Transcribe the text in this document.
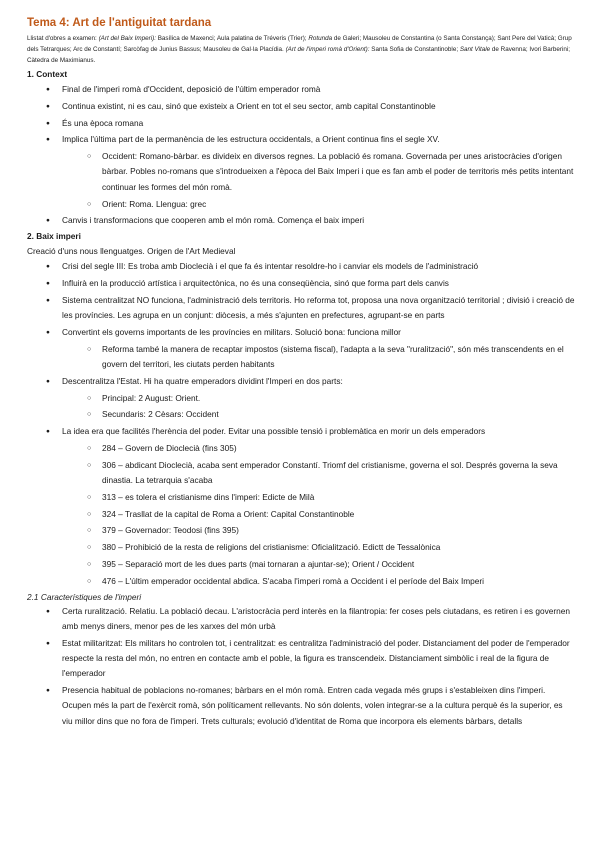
Tema 4: Art de l'antiguitat tardana
Llistat d'obres a examen: (Art del Baix Imperi): Basílica de Maxenci; Aula palatina de Tréveris (Trier); Rotunda de Galeri; Mausoleu de Constantina (o Santa Constança); Sant Pere del Vaticà; Grup dels Tetrarques; Arc de Constantí; Sarcòfag de Junius Bassus; Mausoleu de Gal·la Placídia. (Art de l'imperi romà d'Orient): Santa Sofia de Constantinoble; Sant Vitale de Ravenna; Ivori Barberini; Càtedra de Maximianus.
1. Context
● Final de l'imperi romà d'Occident, deposició de l'últim emperador romà
● Continua existint, ni es cau, sinó que existeix a Orient en tot el seu sector, amb capital Constantinoble
● És una època romana
● Implica l'última part de la permanència de les estructura occidentals, a Orient continua fins el segle XV.
○ Occident: Romano-bàrbar. es divideix en diversos regnes. La població és romana. Governada per unes aristocràcies d'origen bàrbar. Pobles no-romans que s'introdueixen a l'època del Baix Imperi i que es fan amb el poder de territoris més petits intentant continuar les formes del món romà.
○ Orient: Roma. Llengua: grec
● Canvis i transformacions que cooperen amb el món romà. Comença el baix imperi
2. Baix imperi

Creació d'uns nous llenguatges. Origen de l'Art Medieval

● Crisi del segle III: Es troba amb Dioclecià i el que fa és intentar resoldre-ho i canviar els models de l'administració
● Influirà en la producció artística i arquitectònica, no és una conseqüència, sinó que forma part dels canvis
● Sistema centralitzat NO funciona, l'administració dels territoris. Ho reforma tot, proposa una nova organització territorial ; divisió i creació de les províncies. Les agrupa en un conjunt: diòcesis, a més s'ajunten en prefectures, agrupant-se en parts
● Convertint els governs importants de les províncies en militars. Solució bona: funciona millor
○ Reforma també la manera de recaptar impostos (sistema fiscal), l'adapta a la seva "ruralització", són més transcendents en el govern del territori, les ciutats perden habitants
● Descentralitza l'Estat. Hi ha quatre emperadors dividint l'Imperi en dos parts:
○ Principal: 2 August: Orient.
○ Secundaris: 2 Cèsars: Occident
● La idea era que facilités l'herència del poder. Evitar una possible tensió i problemàtica en morir un dels emperadors
○ 284 – Govern de Dioclecià (fins 305)
○ 306 – abdicant Dioclecià, acaba sent emperador Constantí. Triomf del cristianisme, governa el sol. Després governa la seva dinastia. La tetrarquia s'acaba
○ 313 – es tolera el cristianisme dins l'imperi: Edicte de Milà
○ 324 – Trasllat de la capital de Roma a Orient: Capital Constantinoble
○ 379 – Governador: Teodosi (fins 395)
○ 380 – Prohibició de la resta de religions del cristianisme: Oficialització. Edictt de Tessalònica
○ 395 – Separació mort de les dues parts (mai tornaran a ajuntar-se); Orient / Occident
○ 476 – L'últim emperador occidental abdica. S'acaba l'imperi romà a Occident i el període del Baix Imperi
2.1 Característiques de l'imperi
● Certa ruralització. Relatiu. La població decau. L'aristocràcia perd interès en la filantropia: fer coses pels ciutadans, es retiren i es governen amb menys diners, menor pes de les xarxes del món urbà
● Estat militaritzat: Els militars ho controlen tot, i centralitzat: es centralitza l'administració del poder. Distanciament del poder de l'emperador respecte la resta del món, no entren en contacte amb el poble, la figura es transcendeix. Distanciament simbòlic i real de la figura de l'emperador
● Presencia habitual de poblacions no-romanes; bàrbars en el món romà. Entren cada vegada més grups i s'estableixen dins l'imperi. Ocupen més la part de l'exèrcit romà, són políticament rellevants. No són dolents, volen integrar-se a la cultura perquè és la superior, es viu millor dins que no fora de l'imperi. Trets culturals; evolució d'identitat de Roma que incorpora els elements bàrbars, detalls
